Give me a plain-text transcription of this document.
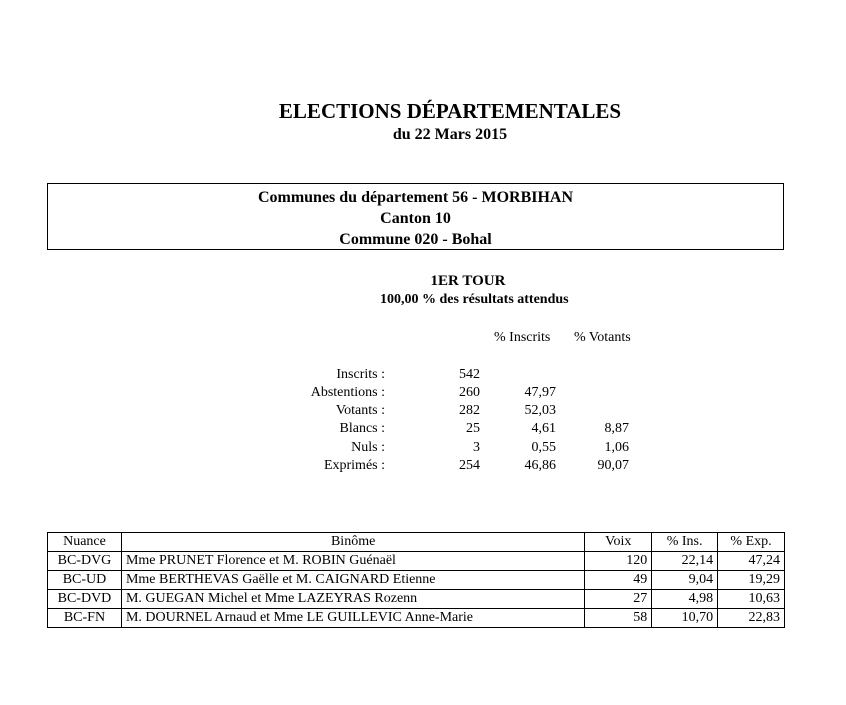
ELECTIONS DÉPARTEMENTALES
du 22 Mars 2015
Communes du département 56 - MORBIHAN
Canton 10
Commune 020 - Bohal
1ER TOUR
100,00 % des résultats attendus
% Inscrits % Votants
Inscrits :	542
Abstentions :	260	47,97
Votants :	282	52,03
Blancs :	25	4,61	8,87
Nuls :	3	0,55	1,06
Exprimés :	254	46,86	90,07
Nuance	Binôme	Voix	% Ins.	% Exp.
BC-DVG	Mme PRUNET Florence et M. ROBIN Guénaël	120	22,14	47,24
BC-UD	Mme BERTHEVAS Gaëlle et M. CAIGNARD Etienne	49	9,04	19,29
BC-DVD	M. GUEGAN Michel et Mme LAZEYRAS Rozenn	27	4,98	10,63
BC-FN	M. DOURNEL Arnaud et Mme LE GUILLEVIC Anne-Marie	58	10,70	22,83
